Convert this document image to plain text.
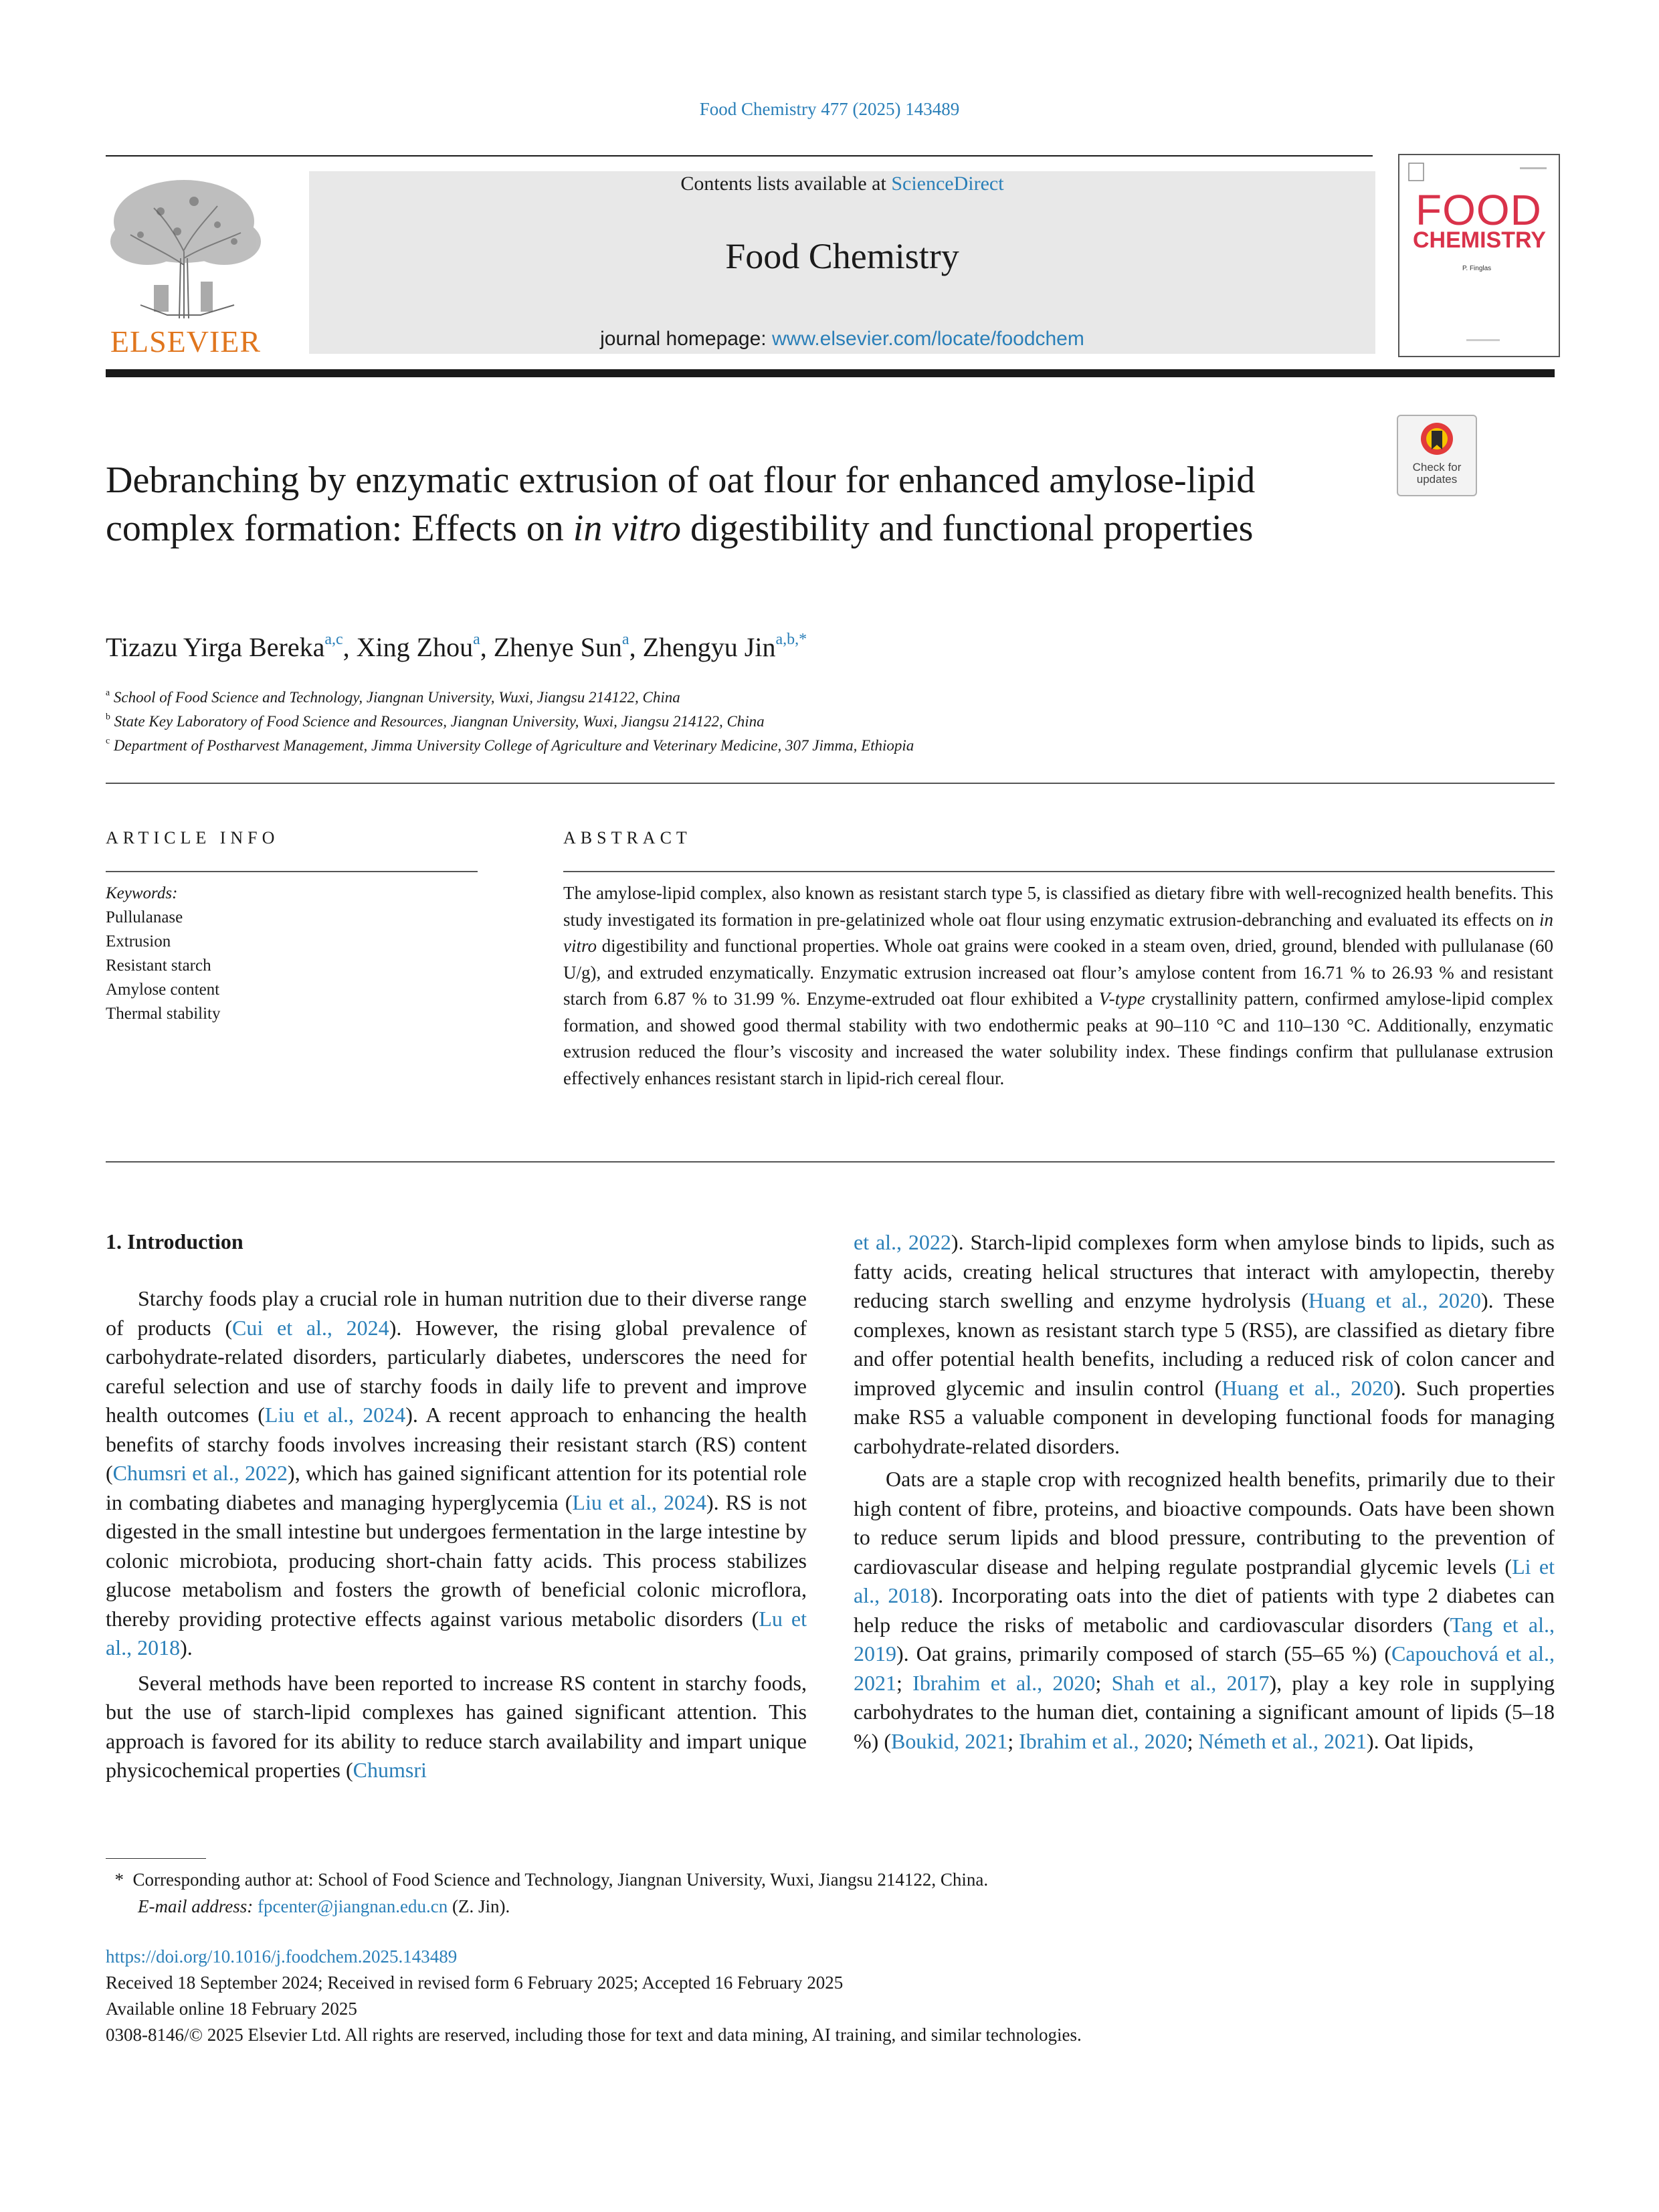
Food Chemistry 477 (2025) 143489
ELSEVIER
Contents lists available at ScienceDirect
Food Chemistry
journal homepage: www.elsevier.com/locate/foodchem
FOOD
CHEMISTRY
P. Finglas
Check for updates
Debranching by enzymatic extrusion of oat flour for enhanced amylose-lipid complex formation: Effects on in vitro digestibility and functional properties
Tizazu Yirga Bereka$^{a,c}$, Xing Zhou$^a$, Zhenye Sun$^a$, Zhengyu Jin$^{a,b,*}$
$^a$ School of Food Science and Technology, Jiangnan University, Wuxi, Jiangsu 214122, China
$^b$ State Key Laboratory of Food Science and Resources, Jiangnan University, Wuxi, Jiangsu 214122, China
$^c$ Department of Postharvest Management, Jimma University College of Agriculture and Veterinary Medicine, 307 Jimma, Ethiopia
ARTICLE INFO
Keywords:
Pullulanase
Extrusion
Resistant starch
Amylose content
Thermal stability
ABSTRACT
The amylose-lipid complex, also known as resistant starch type 5, is classified as dietary fibre with well-recognized health benefits. This study investigated its formation in pre-gelatinized whole oat flour using enzymatic extrusion-debranching and evaluated its effects on in vitro digestibility and functional properties. Whole oat grains were cooked in a steam oven, dried, ground, blended with pullulanase (60 U/g), and extruded enzymatically. Enzymatic extrusion increased oat flour’s amylose content from 16.71 % to 26.93 % and resistant starch from 6.87 % to 31.99 %. Enzyme-extruded oat flour exhibited a V-type crystallinity pattern, confirmed amylose-lipid complex formation, and showed good thermal stability with two endothermic peaks at 90–110 °C and 110–130 °C. Additionally, enzymatic extrusion reduced the flour’s viscosity and increased the water solubility index. These findings confirm that pullulanase extrusion effectively enhances resistant starch in lipid-rich cereal flour.
1. Introduction

Starchy foods play a crucial role in human nutrition due to their diverse range of products (Cui et al., 2024). However, the rising global prevalence of carbohydrate-related disorders, particularly diabetes, underscores the need for careful selection and use of starchy foods in daily life to prevent and improve health outcomes (Liu et al., 2024). A recent approach to enhancing the health benefits of starchy foods involves increasing their resistant starch (RS) content (Chumsri et al., 2022), which has gained significant attention for its potential role in combating diabetes and managing hyperglycemia (Liu et al., 2024). RS is not digested in the small intestine but undergoes fermentation in the large intestine by colonic microbiota, producing short-chain fatty acids. This process stabilizes glucose metabolism and fosters the growth of beneficial colonic microflora, thereby providing protective effects against various metabolic disorders (Lu et al., 2018).

Several methods have been reported to increase RS content in starchy foods, but the use of starch-lipid complexes has gained significant attention. This approach is favored for its ability to reduce starch availability and impart unique physicochemical properties (Chumsri

et al., 2022). Starch-lipid complexes form when amylose binds to lipids, such as fatty acids, creating helical structures that interact with amylopectin, thereby reducing starch swelling and enzyme hydrolysis (Huang et al., 2020). These complexes, known as resistant starch type 5 (RS5), are classified as dietary fibre and offer potential health benefits, including a reduced risk of colon cancer and improved glycemic and insulin control (Huang et al., 2020). Such properties make RS5 a valuable component in developing functional foods for managing carbohydrate-related disorders.

Oats are a staple crop with recognized health benefits, primarily due to their high content of fibre, proteins, and bioactive compounds. Oats have been shown to reduce serum lipids and blood pressure, contributing to the prevention of cardiovascular disease and helping regulate postprandial glycemic levels (Li et al., 2018). Incorporating oats into the diet of patients with type 2 diabetes can help reduce the risks of metabolic and cardiovascular disorders (Tang et al., 2019). Oat grains, primarily composed of starch (55–65 %) (Capouchová et al., 2021; Ibrahim et al., 2020; Shah et al., 2017), play a key role in supplying carbohydrates to the human diet, containing a significant amount of lipids (5–18 %) (Boukid, 2021; Ibrahim et al., 2020; Németh et al., 2021). Oat lipids,

* Corresponding author at: School of Food Science and Technology, Jiangnan University, Wuxi, Jiangsu 214122, China.
E-mail address: fpcenter@jiangnan.edu.cn (Z. Jin).
https://doi.org/10.1016/j.foodchem.2025.143489
Received 18 September 2024; Received in revised form 6 February 2025; Accepted 16 February 2025
Available online 18 February 2025
0308-8146/© 2025 Elsevier Ltd. All rights are reserved, including those for text and data mining, AI training, and similar technologies.
